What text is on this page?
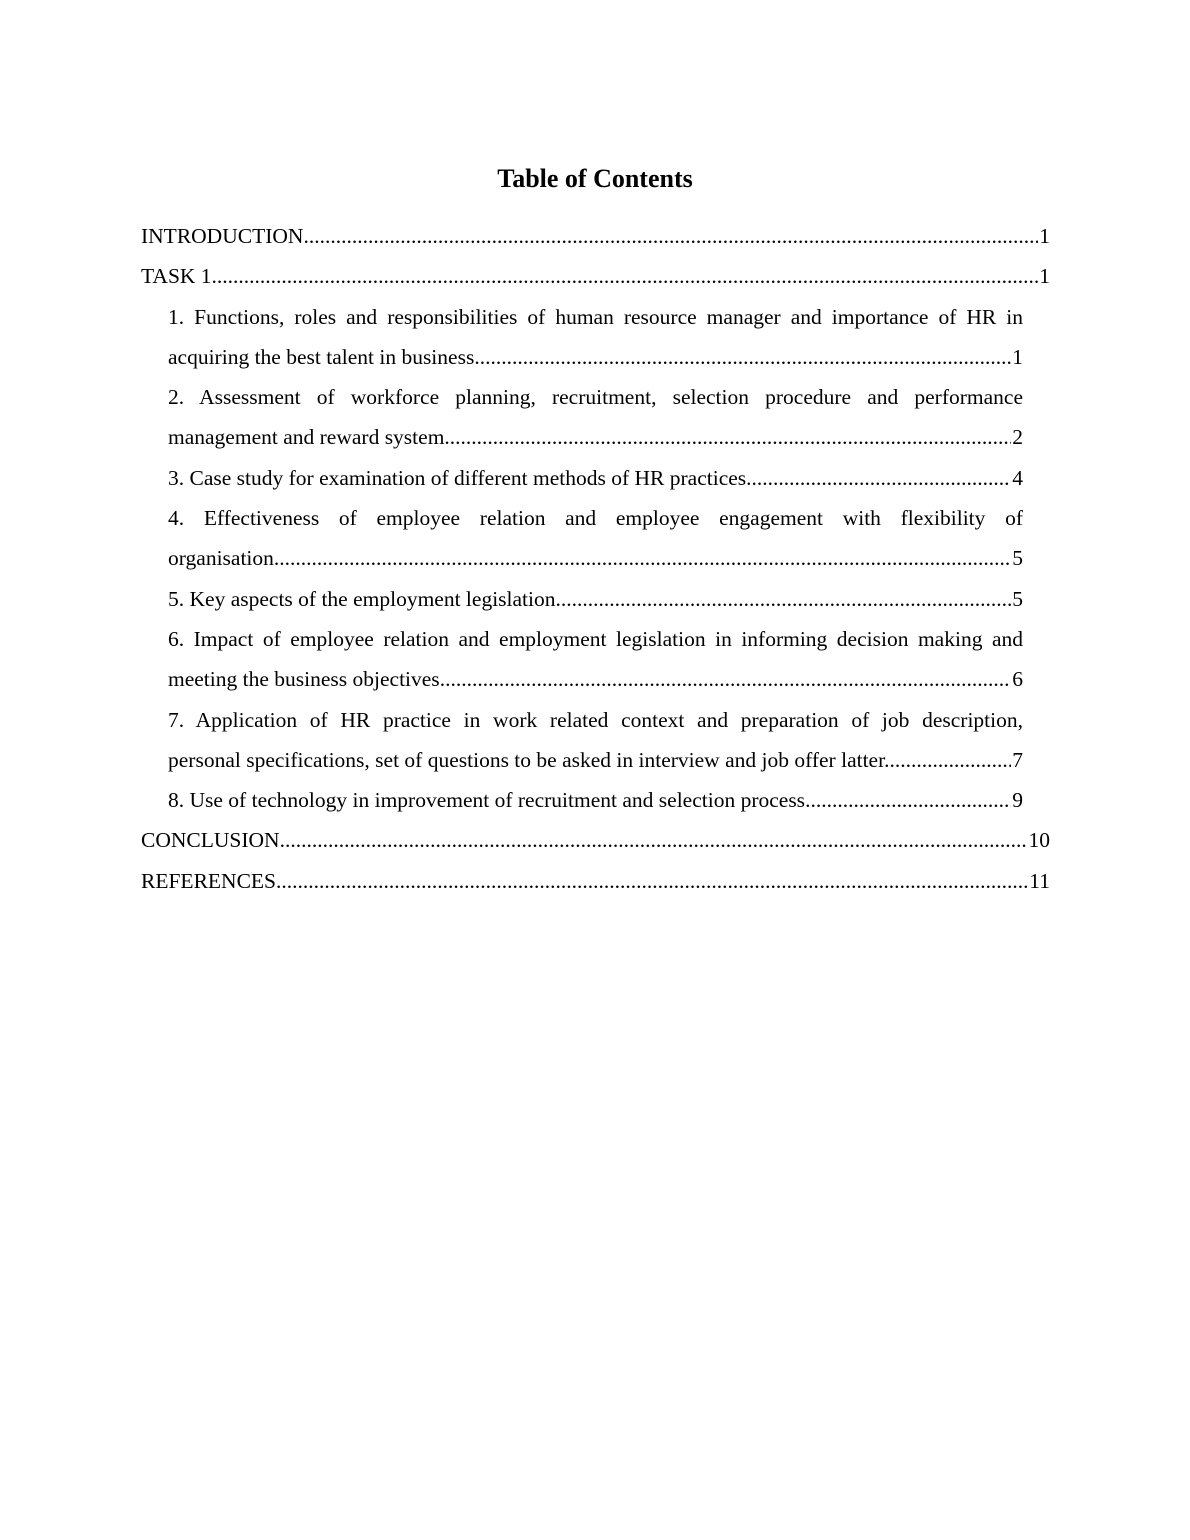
Table of Contents
1
INTRODUCTION .....
1
TASK 1 .....
1. Functions, roles and responsibilities of human resource manager and importance of HR in
1
acquiring the best talent in business .....
2. Assessment of workforce planning, recruitment, selection procedure and performance
2
management and reward system .....
4
3. Case study for examination of different methods of HR practices .....
4. Effectiveness of employee relation and employee engagement with flexibility of
5
organisation .....
5
5. Key aspects of the employment legislation .....
6. Impact of employee relation and employment legislation in informing decision making and
6
meeting the business objectives .....
7. Application of HR practice in work related context and preparation of job description,
7
personal specifications, set of questions to be asked in interview and job offer latter .....
9
8. Use of technology in improvement of recruitment and selection process .....
10
CONCLUSION .....
11
REFERENCES .....
